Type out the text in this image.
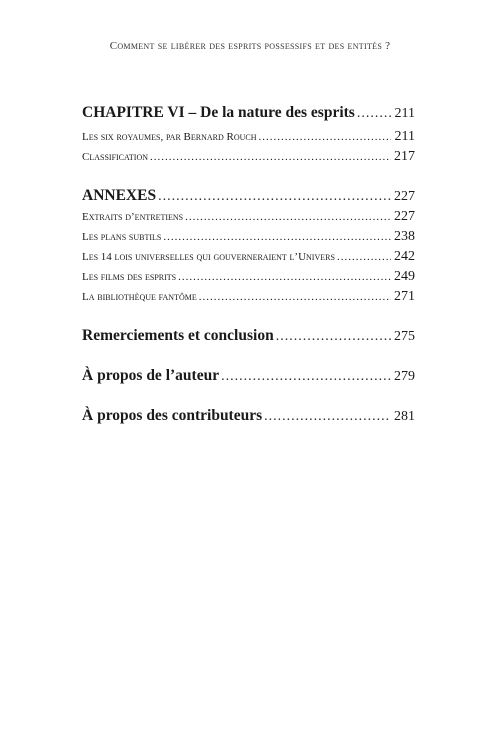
Comment se libérer des esprits possessifs et des entités ?
CHAPITRE VI – De la nature des esprits .....	211
Les six royaumes, par Bernard Rouch .....	211
Classification .....	217
ANNEXES .....	227
Extraits d’entretiens .....	227
Les plans subtils .....	238
Les 14 lois universelles qui gouverneraient l’Univers .....	242
Les films des esprits .....	249
La bibliothèque fantôme .....	271
Remerciements et conclusion .....	275
À propos de l’auteur .....	279
À propos des contributeurs .....	281
